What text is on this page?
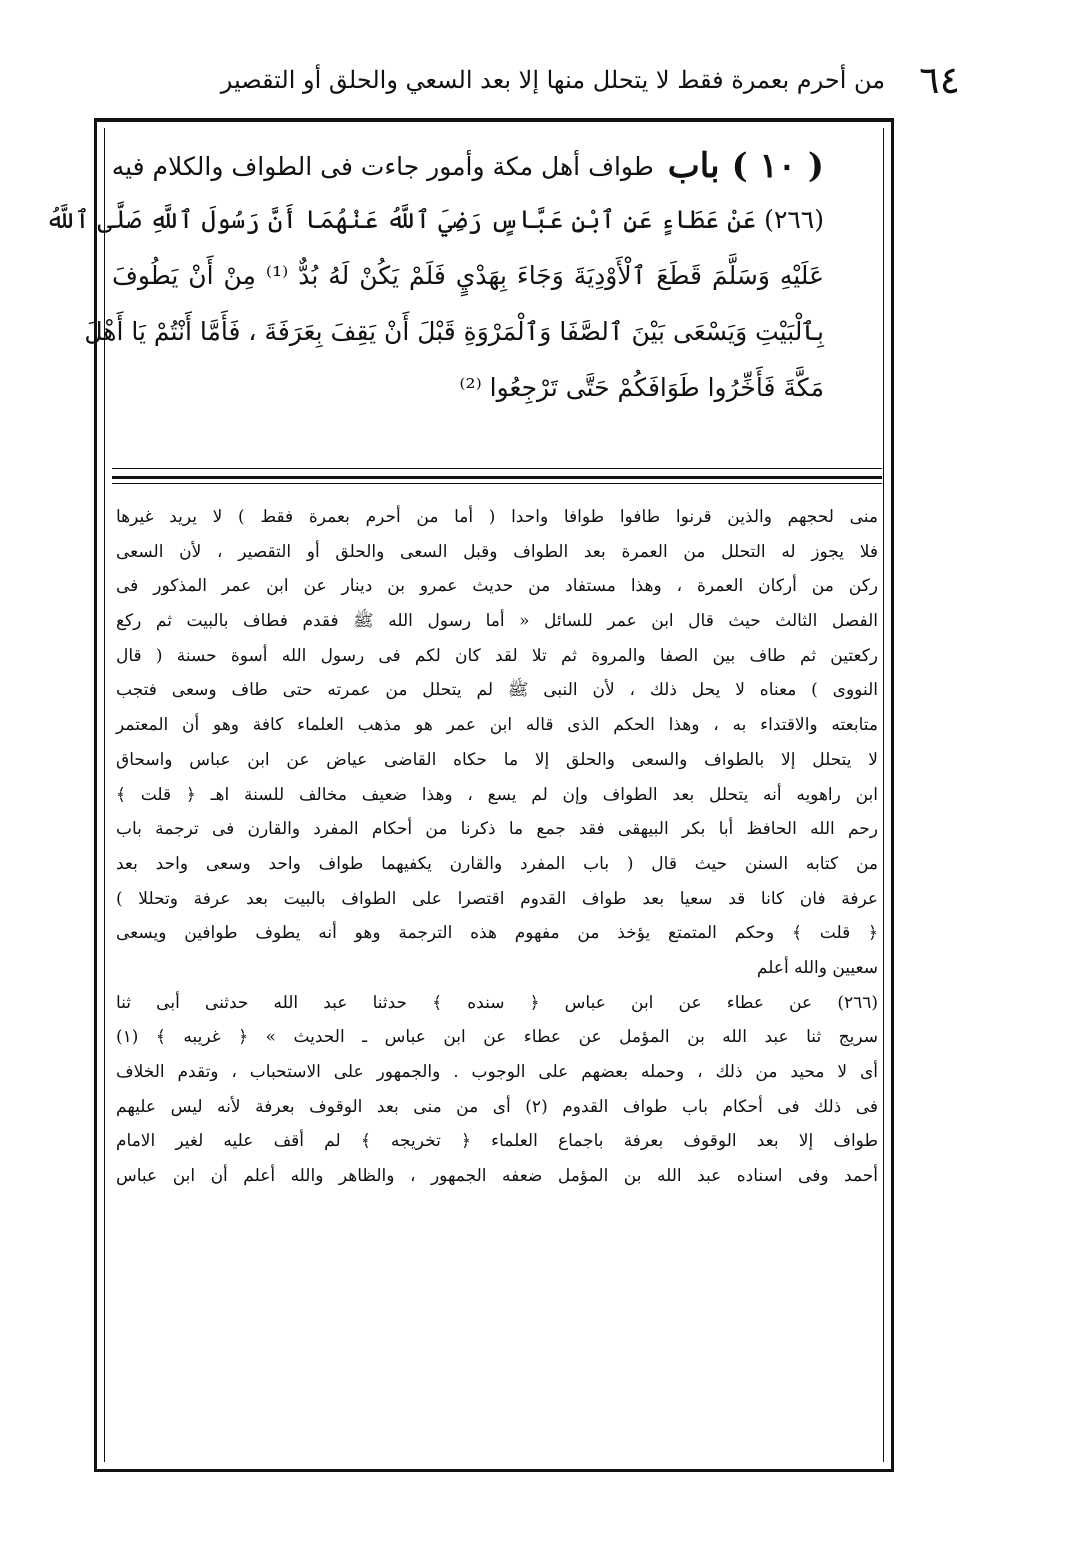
٦٤
من أحرم بعمرة فقط لا يتحلل منها إلا بعد السعي والحلق أو التقصير
( ١٠ )
باب
طواف أهل مكة وأمور جاءت فى الطواف والكلام فيه
(٢٦٦) عَنْ عَطَاءٍ عَنِ ٱبْنِ عَبَّاسٍ رَضِيَ ٱللَّهُ عَنْهُمَا أَنَّ رَسُولَ ٱللَّهِ صَلَّى ٱللَّهُ
عَلَيْهِ وَسَلَّمَ قَطَعَ ٱلْأَوْدِيَةَ وَجَاءَ بِهَدْيٍ فَلَمْ يَكُنْ لَهُ بُدٌّ ⁽¹⁾ مِنْ أَنْ يَطُوفَ
بِٱلْبَيْتِ وَيَسْعَى بَيْنَ ٱلصَّفَا وَٱلْمَرْوَةِ قَبْلَ أَنْ يَقِفَ بِعَرَفَةَ ، فَأَمَّا أَنْتُمْ يَا أَهْلَ
مَكَّةَ فَأَخِّرُوا طَوَافَكُمْ حَتَّى تَرْجِعُوا ⁽²⁾
منى لحجهم والذين قرنوا طافوا طوافا واحدا ( أما من أحرم بعمرة فقط ) لا يريد غيرها
فلا يجوز له التحلل من العمرة بعد الطواف وقبل السعى والحلق أو التقصير ، لأن السعى
ركن من أركان العمرة ، وهذا مستفاد من حديث عمرو بن دينار عن ابن عمر المذكور فى
الفصل الثالث حيث قال ابن عمر للسائل « أما رسول الله ﷺ فقدم فطاف بالبيت ثم ركع
ركعتين ثم طاف بين الصفا والمروة ثم تلا لقد كان لكم فى رسول الله أسوة حسنة ( قال
النووى ) معناه لا يحل ذلك ، لأن النبى ﷺ لم يتحلل من عمرته حتى طاف وسعى فتجب
متابعته والاقتداء به ، وهذا الحكم الذى قاله ابن عمر هو مذهب العلماء كافة وهو أن المعتمر
لا يتحلل إلا بالطواف والسعى والحلق إلا ما حكاه القاضى عياض عن ابن عباس واسحاق
ابن راهويه أنه يتحلل بعد الطواف وإن لم يسع ، وهذا ضعيف مخالف للسنة اهـ ﴿ قلت ﴾
رحم الله الحافظ أبا بكر البيهقى فقد جمع ما ذكرنا من أحكام المفرد والقارن فى ترجمة باب
من كتابه السنن حيث قال ( باب المفرد والقارن يكفيهما طواف واحد وسعى واحد بعد
عرفة فان كانا قد سعيا بعد طواف القدوم اقتصرا على الطواف بالبيت بعد عرفة وتحللا )
﴿ قلت ﴾ وحكم المتمتع يؤخذ من مفهوم هذه الترجمة وهو أنه يطوف طوافين ويسعى
سعيين والله أعلم
(٢٦٦) عن عطاء عن ابن عباس ﴿ سنده ﴾ حدثنا عبد الله حدثنى أبى ثنا
سريج ثنا عبد الله بن المؤمل عن عطاء عن ابن عباس ـ الحديث » ﴿ غريبه ﴾ (١)
أى لا محيد من ذلك ، وحمله بعضهم على الوجوب . والجمهور على الاستحباب ، وتقدم الخلاف
فى ذلك فى أحكام باب طواف القدوم (٢) أى من منى بعد الوقوف بعرفة لأنه ليس عليهم
طواف إلا بعد الوقوف بعرفة باجماع العلماء ﴿ تخريجه ﴾ لم أقف عليه لغير الامام
أحمد وفى اسناده عبد الله بن المؤمل ضعفه الجمهور ، والظاهر والله أعلم أن ابن عباس
